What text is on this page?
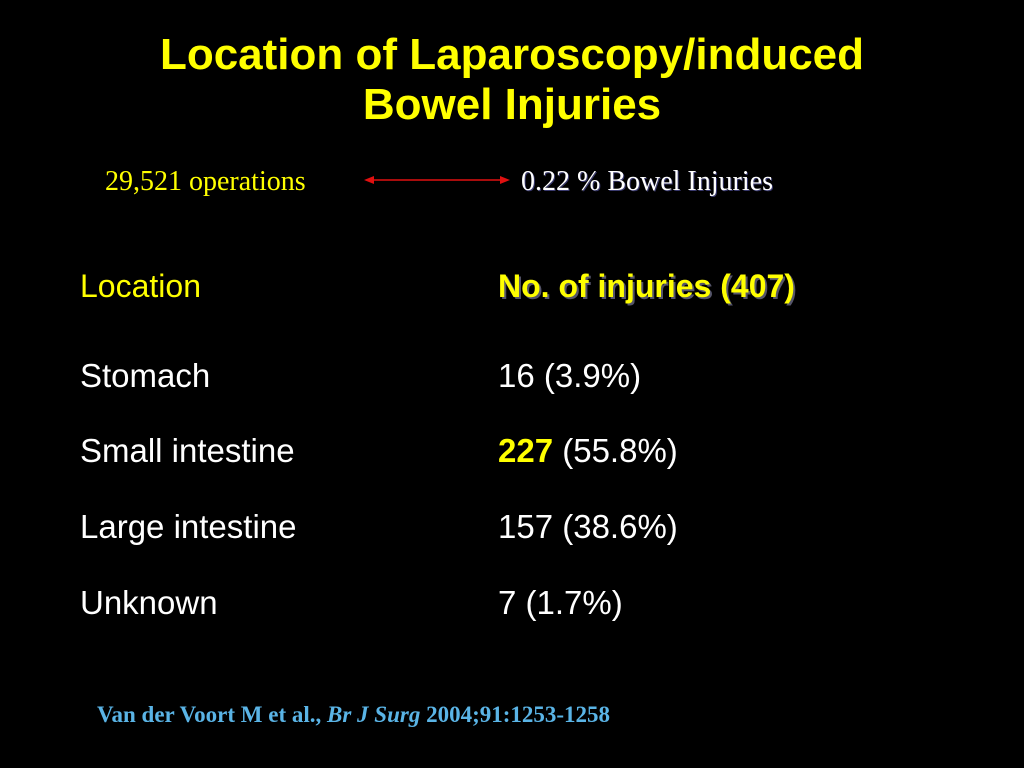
Location of Laparoscopy/induced
Bowel Injuries
29,521 operations	0.22 % Bowel Injuries
Location	No. of injuries (407)
Stomach	16 (3.9%)
Small intestine	227 (55.8%)
Large intestine	157 (38.6%)
Unknown	7 (1.7%)
Van der Voort M et al., Br J Surg 2004;91:1253-1258
